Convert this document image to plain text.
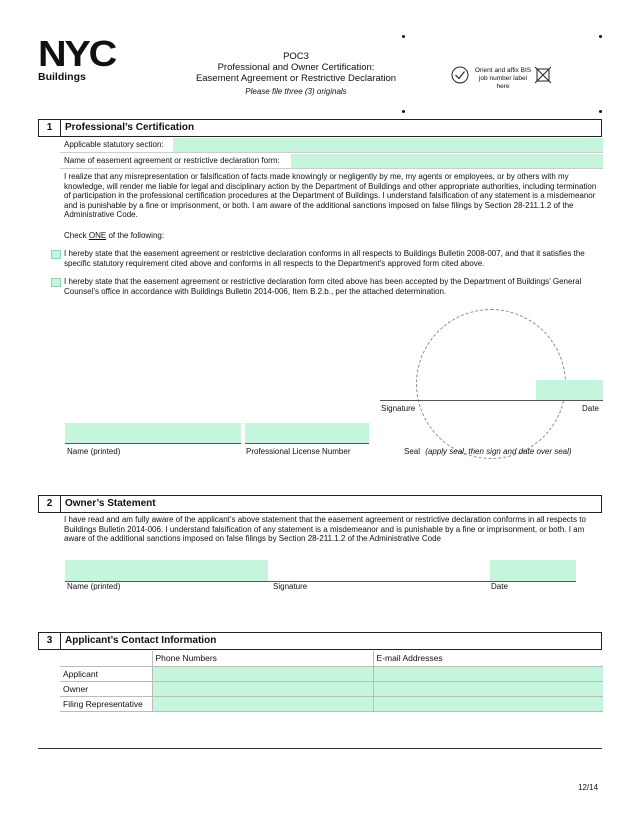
NYC
Buildings
POC3
Professional and Owner Certification:
Easement Agreement or Restrictive Declaration
Please file three (3) originals
Orient and affix BIS
job number label here
1	Professional’s Certification
Applicable statutory section:
Name of easement agreement or restrictive declaration form:
I realize that any misrepresentation or falsification of facts made knowingly or negligently by me, my agents or employees, or by others with my knowledge, will render me liable for legal and disciplinary action by the Department of Buildings and other appropriate authorities, including termination of participation in the professional certification procedures at the Department of Buildings. I understand falsification of any statement is a misdemeanor and is punishable by a fine or imprisonment, or both. I am aware of the additional sanctions imposed on false filings by Section 28-211.1.2 of the Administrative Code.
Check ONE of the following:
I hereby state that the easement agreement or restrictive declaration conforms in all respects to Buildings Bulletin 2008-007, and that it satisfies the specific statutory requirement cited above and conforms in all respects to the Department's approved form cited above.
I hereby state that the easement agreement or restrictive declaration form cited above has been accepted by the Department of Buildings’ General Counsel’s office in accordance with Buildings Bulletin 2014-006, Item B.2.b., per the attached determination.
Signature	Date
Name (printed)	Professional License Number	Seal (apply seal, then sign and date over seal)
2	Owner’s Statement
I have read and am fully aware of the applicant’s above statement that the easement agreement or restrictive declaration conforms in all respects to Buildings Bulletin 2014-006. I understand falsification of any statement is a misdemeanor and is punishable by a fine or imprisonment, or both. I am aware of the additional sanctions imposed on false filings by Section 28-211.1.2 of the Administrative Code
Name (printed)	Signature	Date
3	Applicant’s Contact Information
	Phone Numbers	E-mail Addresses
Applicant		
Owner		
Filing Representative		
12/14
